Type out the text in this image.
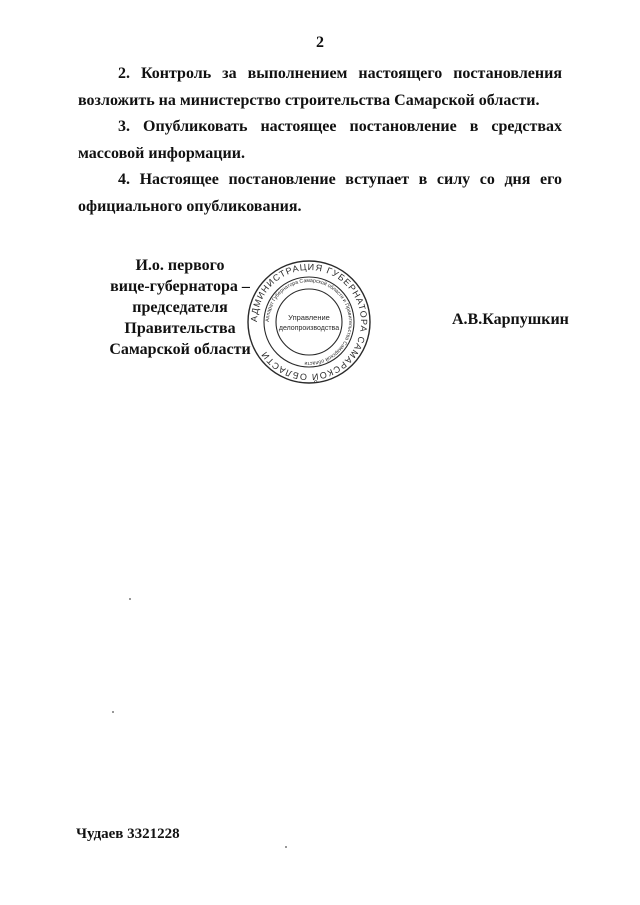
2

2. Контроль за выполнением настоящего постановления возложить на министерство строительства Самарской области.

3. Опубликовать настоящее постановление в средствах массовой информации.

4. Настоящее постановление вступает в силу со дня его официального опубликования.

И.о. первого
вице-губернатора –
председателя Правительства
Самарской области
А.В.Карпушкин
АДМИНИСТРАЦИЯ ГУБЕРНАТОРА САМАРСКОЙ ОБЛАСТИ
Аппарат Губернатора Самарской области и Правительства Самарской области
Управление
делопроизводства
Чудаев 3321228
